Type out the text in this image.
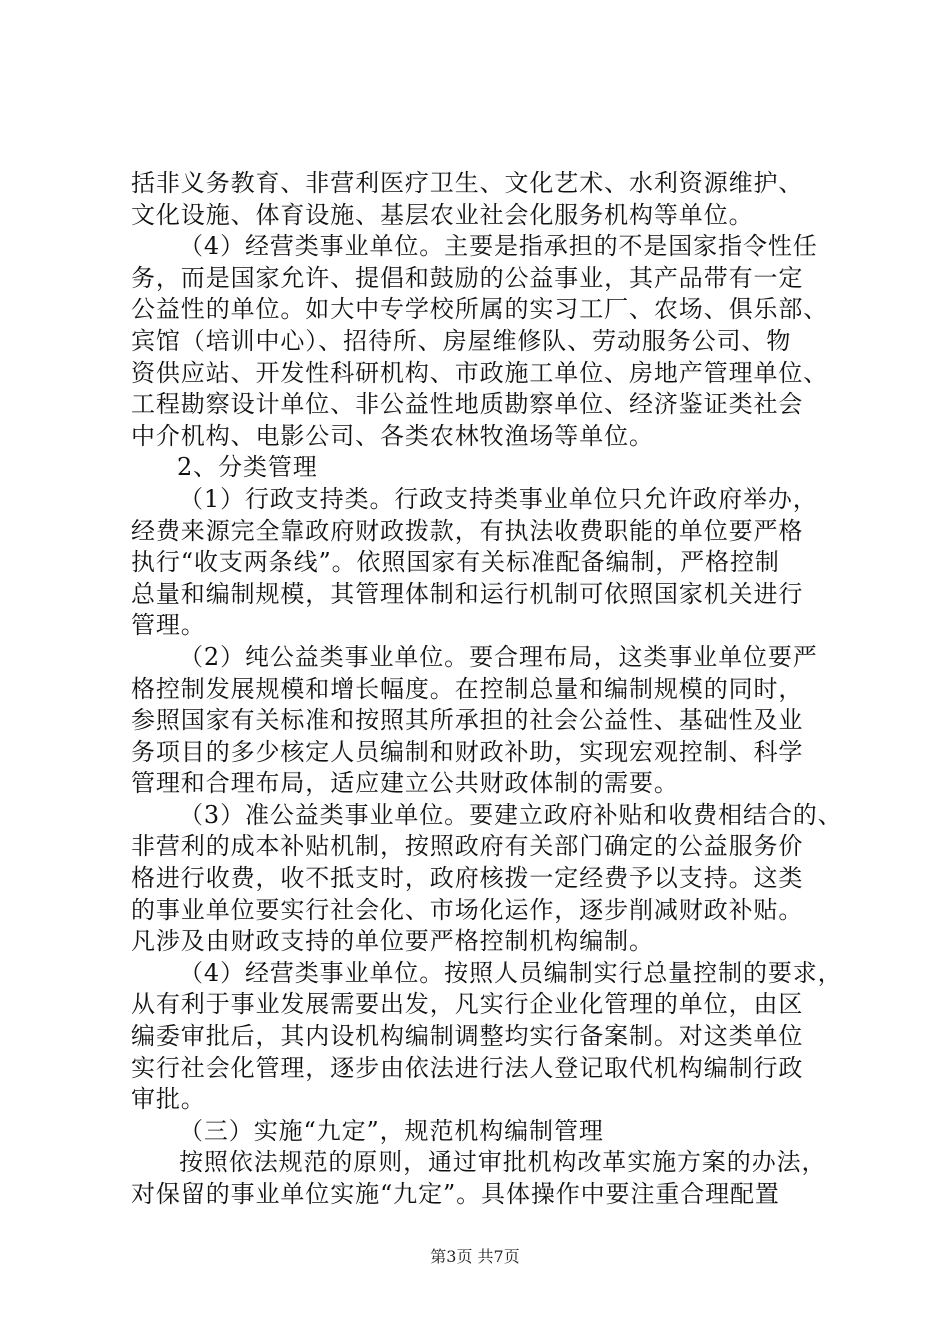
括非义务教育、非营利医疗卫生、文化艺术、水利资源维护、
文化设施、体育设施、基层农业社会化服务机构等单位。
（4）经营类事业单位。主要是指承担的不是国家指令性任
务，而是国家允许、提倡和鼓励的公益事业，其产品带有一定
公益性的单位。如大中专学校所属的实习工厂、农场、俱乐部、
宾馆（培训中心）、招待所、房屋维修队、劳动服务公司、物
资供应站、开发性科研机构、市政施工单位、房地产管理单位、
工程勘察设计单位、非公益性地质勘察单位、经济鉴证类社会
中介机构、电影公司、各类农林牧渔场等单位。
2、分类管理
（1）行政支持类。行政支持类事业单位只允许政府举办，
经费来源完全靠政府财政拨款，有执法收费职能的单位要严格
执行“收支两条线”。依照国家有关标准配备编制，严格控制
总量和编制规模，其管理体制和运行机制可依照国家机关进行
管理。
（2）纯公益类事业单位。要合理布局，这类事业单位要严
格控制发展规模和增长幅度。在控制总量和编制规模的同时，
参照国家有关标准和按照其所承担的社会公益性、基础性及业
务项目的多少核定人员编制和财政补助，实现宏观控制、科学
管理和合理布局，适应建立公共财政体制的需要。
（3）准公益类事业单位。要建立政府补贴和收费相结合的、
非营利的成本补贴机制，按照政府有关部门确定的公益服务价
格进行收费，收不抵支时，政府核拨一定经费予以支持。这类
的事业单位要实行社会化、市场化运作，逐步削减财政补贴。
凡涉及由财政支持的单位要严格控制机构编制。
（4）经营类事业单位。按照人员编制实行总量控制的要求，
从有利于事业发展需要出发，凡实行企业化管理的单位，由区
编委审批后，其内设机构编制调整均实行备案制。对这类单位
实行社会化管理，逐步由依法进行法人登记取代机构编制行政
审批。
（三）实施“九定”，规范机构编制管理
按照依法规范的原则，通过审批机构改革实施方案的办法，
对保留的事业单位实施“九定”。具体操作中要注重合理配置
第3页 共7页
